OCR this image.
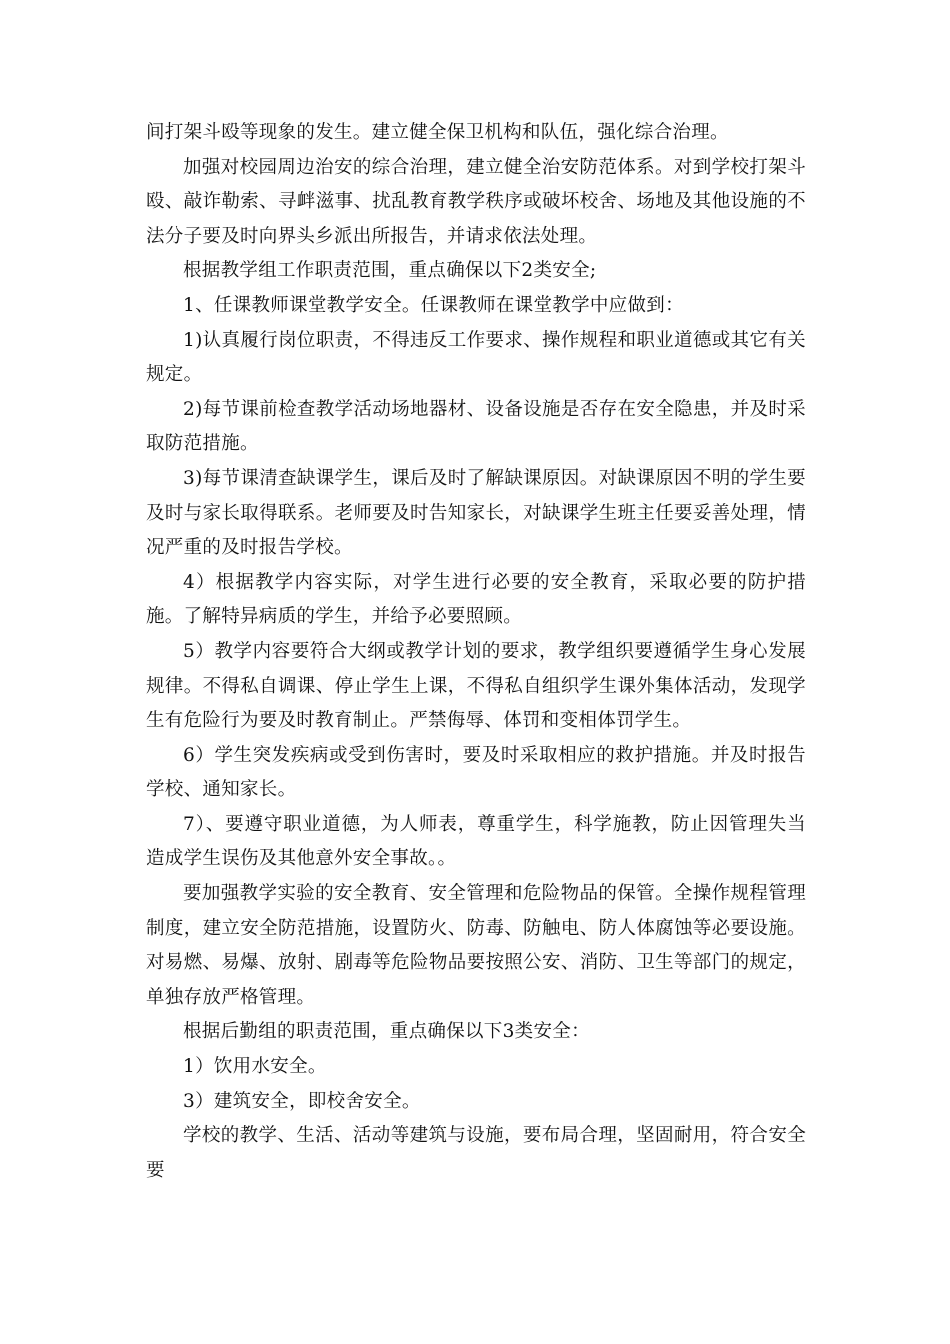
间打架斗殴等现象的发生。建立健全保卫机构和队伍，强化综合治理。

加强对校园周边治安的综合治理，建立健全治安防范体系。对到学校打架斗殴、敲诈勒索、寻衅滋事、扰乱教育教学秩序或破坏校舍、场地及其他设施的不法分子要及时向界头乡派出所报告，并请求依法处理。

根据教学组工作职责范围，重点确保以下2类安全;

1、任课教师课堂教学安全。任课教师在课堂教学中应做到：

1)认真履行岗位职责，不得违反工作要求、操作规程和职业道德或其它有关规定。

2)每节课前检查教学活动场地器材、设备设施是否存在安全隐患，并及时采取防范措施。

3)每节课清查缺课学生，课后及时了解缺课原因。对缺课原因不明的学生要及时与家长取得联系。老师要及时告知家长，对缺课学生班主任要妥善处理，情况严重的及时报告学校。

4）根据教学内容实际，对学生进行必要的安全教育，采取必要的防护措施。了解特异病质的学生，并给予必要照顾。

5）教学内容要符合大纲或教学计划的要求，教学组织要遵循学生身心发展规律。不得私自调课、停止学生上课，不得私自组织学生课外集体活动，发现学生有危险行为要及时教育制止。严禁侮辱、体罚和变相体罚学生。

6）学生突发疾病或受到伤害时，要及时采取相应的救护措施。并及时报告学校、通知家长。

7）、要遵守职业道德，为人师表，尊重学生，科学施教，防止因管理失当造成学生误伤及其他意外安全事故。。

要加强教学实验的安全教育、安全管理和危险物品的保管。全操作规程管理制度，建立安全防范措施，设置防火、防毒、防触电、防人体腐蚀等必要设施。对易燃、易爆、放射、剧毒等危险物品要按照公安、消防、卫生等部门的规定，单独存放严格管理。

根据后勤组的职责范围，重点确保以下3类安全：

1）饮用水安全。

3）建筑安全，即校舍安全。

学校的教学、生活、活动等建筑与设施，要布局合理，坚固耐用，符合安全要
